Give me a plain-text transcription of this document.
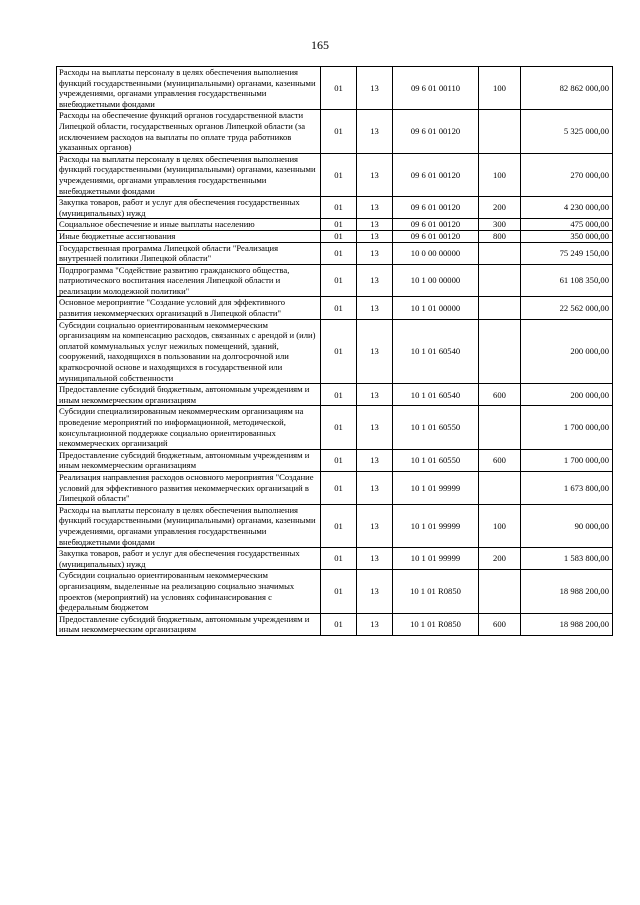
165
Расходы на выплаты персоналу в целях обеспечения выполнения функций государственными (муниципальными) органами, казенными учреждениями, органами управления государственными внебюджетными фондами	01	13	09 6 01 00110	100	82 862 000,00
Расходы на обеспечение функций органов государственной власти Липецкой области, государственных органов Липецкой области (за исключением расходов на выплаты по оплате труда работников указанных органов)	01	13	09 6 01 00120		5 325 000,00
Расходы на выплаты персоналу в целях обеспечения выполнения функций государственными (муниципальными) органами, казенными учреждениями, органами управления государственными внебюджетными фондами	01	13	09 6 01 00120	100	270 000,00
Закупка товаров, работ и услуг для обеспечения государственных (муниципальных) нужд	01	13	09 6 01 00120	200	4 230 000,00
Социальное обеспечение и иные выплаты населению	01	13	09 6 01 00120	300	475 000,00
Иные бюджетные ассигнования	01	13	09 6 01 00120	800	350 000,00
Государственная программа Липецкой области "Реализация внутренней политики Липецкой области"	01	13	10 0 00 00000		75 249 150,00
Подпрограмма "Содействие развитию гражданского общества, патриотического воспитания населения Липецкой области и реализации молодежной политики"	01	13	10 1 00 00000		61 108 350,00
Основное мероприятие "Создание условий для эффективного развития некоммерческих организаций в Липецкой области"	01	13	10 1 01 00000		22 562 000,00
Субсидии социально ориентированным некоммерческим организациям на компенсацию расходов, связанных с арендой и (или) оплатой коммунальных услуг нежилых помещений, зданий, сооружений, находящихся в пользовании на долгосрочной или краткосрочной основе и находящихся в государственной или муниципальной собственности	01	13	10 1 01 60540		200 000,00
Предоставление субсидий бюджетным, автономным учреждениям и иным некоммерческим организациям	01	13	10 1 01 60540	600	200 000,00
Субсидии специализированным некоммерческим организациям на проведение мероприятий по информационной, методической, консультационной поддержке социально ориентированных некоммерческих организаций	01	13	10 1 01 60550		1 700 000,00
Предоставление субсидий бюджетным, автономным учреждениям и иным некоммерческим организациям	01	13	10 1 01 60550	600	1 700 000,00
Реализация направления расходов основного мероприятия "Создание условий для эффективного развития некоммерческих организаций в Липецкой области"	01	13	10 1 01 99999		1 673 800,00
Расходы на выплаты персоналу в целях обеспечения выполнения функций государственными (муниципальными) органами, казенными учреждениями, органами управления государственными внебюджетными фондами	01	13	10 1 01 99999	100	90 000,00
Закупка товаров, работ и услуг для обеспечения государственных (муниципальных) нужд	01	13	10 1 01 99999	200	1 583 800,00
Субсидии социально ориентированным некоммерческим организациям, выделенные на реализацию социально значимых проектов (мероприятий) на условиях софинансирования с федеральным бюджетом	01	13	10 1 01 R0850		18 988 200,00
Предоставление субсидий бюджетным, автономным учреждениям и иным некоммерческим организациям	01	13	10 1 01 R0850	600	18 988 200,00
